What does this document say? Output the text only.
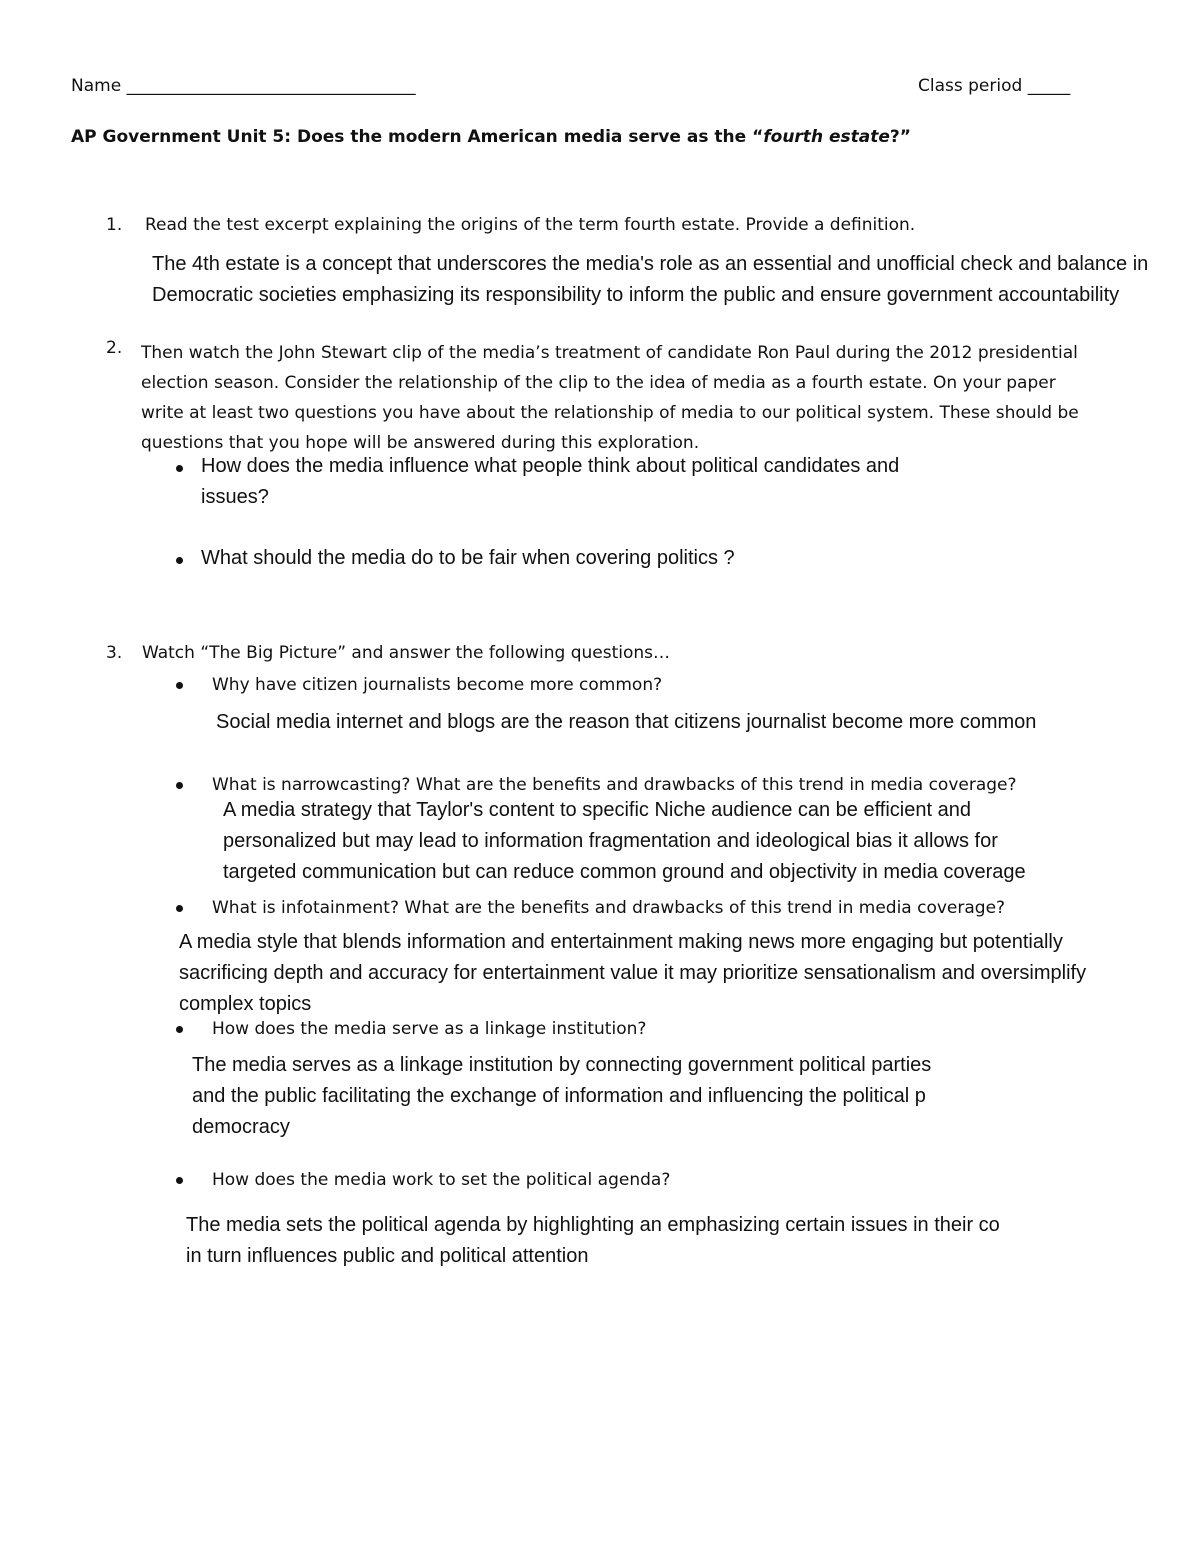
Name __________________________________	Class period _____
AP Government Unit 5: Does the modern American media serve as the “fourth estate?”
1. Read the test excerpt explaining the origins of the term fourth estate. Provide a definition.
The 4th estate is a concept that underscores the media's role as an essential and unofficial check and balance in
Democratic societies emphasizing its responsibility to inform the public and ensure government accountability
2. Then watch the John Stewart clip of the media’s treatment of candidate Ron Paul during the 2012 presidential
election season. Consider the relationship of the clip to the idea of media as a fourth estate. On your paper
write at least two questions you have about the relationship of media to our political system. These should be
questions that you hope will be answered during this exploration.
How does the media influence what people think about political candidates and
issues?
What should the media do to be fair when covering politics ?
3. Watch “The Big Picture” and answer the following questions…
Why have citizen journalists become more common?
Social media internet and blogs are the reason that citizens journalist become more common
What is narrowcasting? What are the benefits and drawbacks of this trend in media coverage?
A media strategy that Taylor's content to specific Niche audience can be efficient and
personalized but may lead to information fragmentation and ideological bias it allows for
targeted communication but can reduce common ground and objectivity in media coverage
What is infotainment? What are the benefits and drawbacks of this trend in media coverage?
A media style that blends information and entertainment making news more engaging but potentially
sacrificing depth and accuracy for entertainment value it may prioritize sensationalism and oversimplify
complex topics
How does the media serve as a linkage institution?
The media serves as a linkage institution by connecting government political parties
and the public facilitating the exchange of information and influencing the political p
democracy
How does the media work to set the political agenda?
The media sets the political agenda by highlighting an emphasizing certain issues in their co
in turn influences public and political attention
